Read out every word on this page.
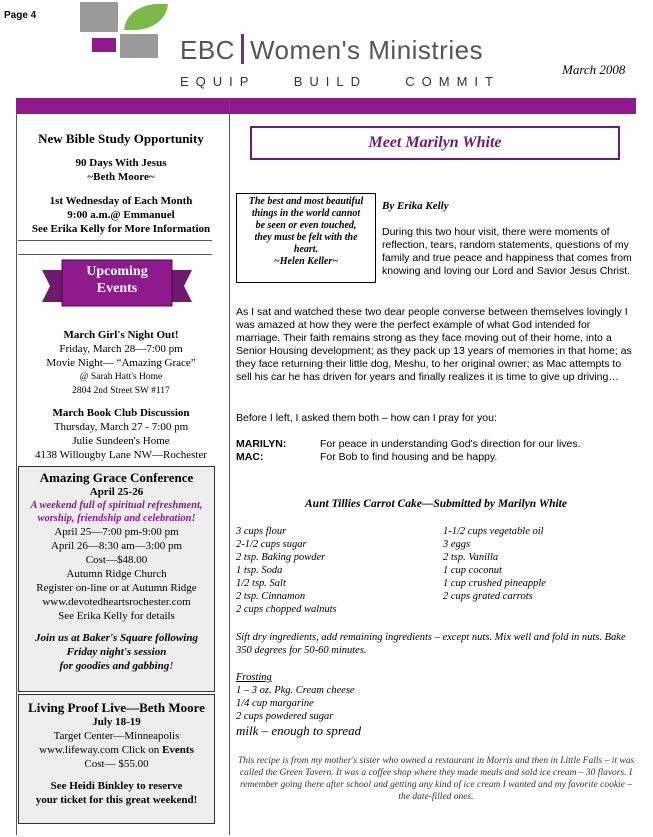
Page 4
EBC Women's Ministries
EQUIP	BUILD	COMMIT
March 2008
New Bible Study Opportunity
90 Days With Jesus
~Beth Moore~
1st Wednesday of Each Month
9:00 a.m.@ Emmanuel
See Erika Kelly for More Information
Upcoming
Events
March Girl's Night Out!
Friday, March 28—7:00 pm
Movie Night— “Amazing Grace”
@ Sarah Hatt's Home
2804 2nd Street SW #117
March Book Club Discussion
Thursday, March 27 - 7:00 pm
Julie Sundeen's Home
4138 Willougby Lane NW—Rochester
Amazing Grace Conference
April 25-26
A weekend full of spiritual refreshment, worship, friendship and celebration!
April 25—7:00 pm-9:00 pm
April 26—8:30 am—3:00 pm
Cost—$48.00
Autumn Ridge Church
Register on-line or at Autumn Ridge
www.devotedheartsrochester.com
See Erika Kelly for details
Join us at Baker's Square following
Friday night's session
for goodies and gabbing!
Living Proof Live—Beth Moore
July 18-19
Target Center—Minneapolis
www.lifeway.com Click on Events
Cost— $55.00
See Heidi Binkley to reserve
your ticket for this great weekend!
Meet Marilyn White
The best and most beautiful
things in the world cannot
be seen or even touched,
they must be felt with the
heart.
~Helen Keller~
By Erika Kelly
During this two hour visit, there were moments of reflection, tears, random statements, questions of my family and true peace and happiness that comes from knowing and loving our Lord and Savior Jesus Christ.
As I sat and watched these two dear people converse between themselves lovingly I was amazed at how they were the perfect example of what God intended for marriage. Their faith remains strong as they face moving out of their home, into a Senior Housing development; as they pack up 13 years of memories in that home; as they face returning their little dog, Meshu, to her original owner; as Mac attempts to sell his car he has driven for years and finally realizes it is time to give up driving…
Before I left, I asked them both – how can I pray for you:
MARILYN:	For peace in understanding God's direction for our lives.
MAC:	For Bob to find housing and be happy.
Aunt Tillies Carrot Cake—Submitted by Marilyn White
3 cups flour
2-1/2 cups sugar
2 tsp. Baking powder
1 tsp. Soda
1/2 tsp. Salt
2 tsp. Cinnamon
2 cups chopped walnuts
1-1/2 cups vegetable oil
3 eggs
2 tsp. Vanilla
1 cup coconut
1 cup crushed pineapple
2 cups grated carrots
Sift dry ingredients, add remaining ingredients – except nuts. Mix well and fold in nuts. Bake 350 degrees for 50-60 minutes.
Frosting
1 – 3 oz. Pkg. Cream cheese
1/4 cup margarine
2 cups powdered sugar
milk – enough to spread
This recipe is from my mother's sister who owned a restaurant in Morris and then in Little Falls – it was called the Green Tavern. It was a coffee shop where they made meals and sold ice cream – 30 flavors. I remember going there after school and getting any kind of ice cream I wanted and my favorite cookie – the date-filled ones.
